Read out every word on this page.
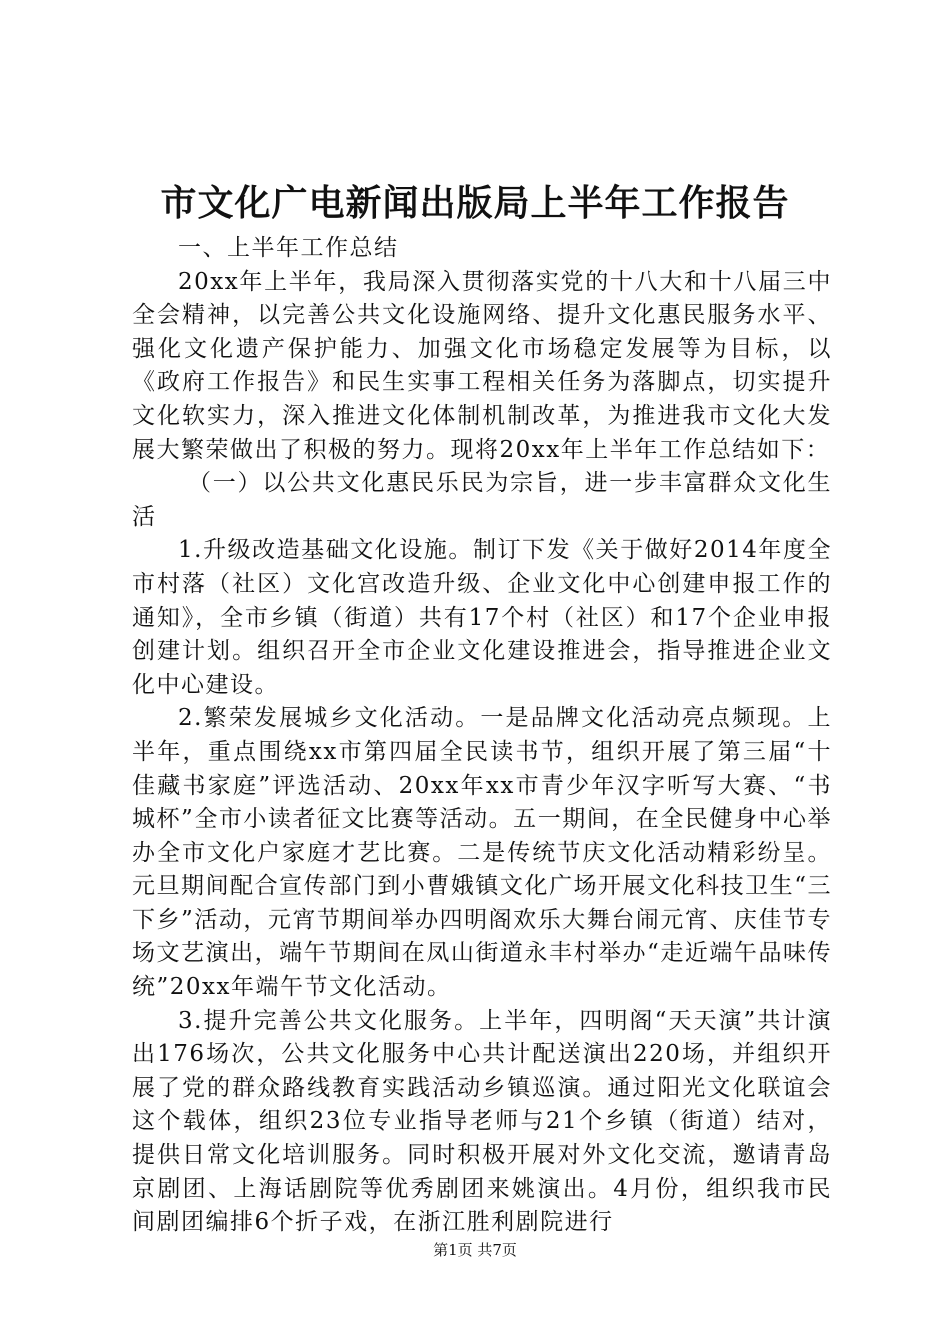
市文化广电新闻出版局上半年工作报告

一、上半年工作总结

20xx年上半年，我局深入贯彻落实党的十八大和十八届三中全会精神，以完善公共文化设施网络、提升文化惠民服务水平、强化文化遗产保护能力、加强文化市场稳定发展等为目标，以《政府工作报告》和民生实事工程相关任务为落脚点，切实提升文化软实力，深入推进文化体制机制改革，为推进我市文化大发展大繁荣做出了积极的努力。现将20xx年上半年工作总结如下：

（一）以公共文化惠民乐民为宗旨，进一步丰富群众文化生活

1.升级改造基础文化设施。制订下发《关于做好2014年度全市村落（社区）文化宫改造升级、企业文化中心创建申报工作的通知》，全市乡镇（街道）共有17个村（社区）和17个企业申报创建计划。组织召开全市企业文化建设推进会，指导推进企业文化中心建设。

2.繁荣发展城乡文化活动。一是品牌文化活动亮点频现。上半年，重点围绕xx市第四届全民读书节，组织开展了第三届“十佳藏书家庭”评选活动、20xx年xx市青少年汉字听写大赛、“书城杯”全市小读者征文比赛等活动。五一期间，在全民健身中心举办全市文化户家庭才艺比赛。二是传统节庆文化活动精彩纷呈。元旦期间配合宣传部门到小曹娥镇文化广场开展文化科技卫生“三下乡”活动，元宵节期间举办四明阁欢乐大舞台闹元宵、庆佳节专场文艺演出，端午节期间在凤山街道永丰村举办“走近端午品味传统”20xx年端午节文化活动。

3.提升完善公共文化服务。上半年，四明阁“天天演”共计演出176场次，公共文化服务中心共计配送演出220场，并组织开展了党的群众路线教育实践活动乡镇巡演。通过阳光文化联谊会这个载体，组织23位专业指导老师与21个乡镇（街道）结对，提供日常文化培训服务。同时积极开展对外文化交流，邀请青岛京剧团、上海话剧院等优秀剧团来姚演出。4月份，组织我市民间剧团编排6个折子戏，在浙江胜利剧院进行

第1页 共7页
